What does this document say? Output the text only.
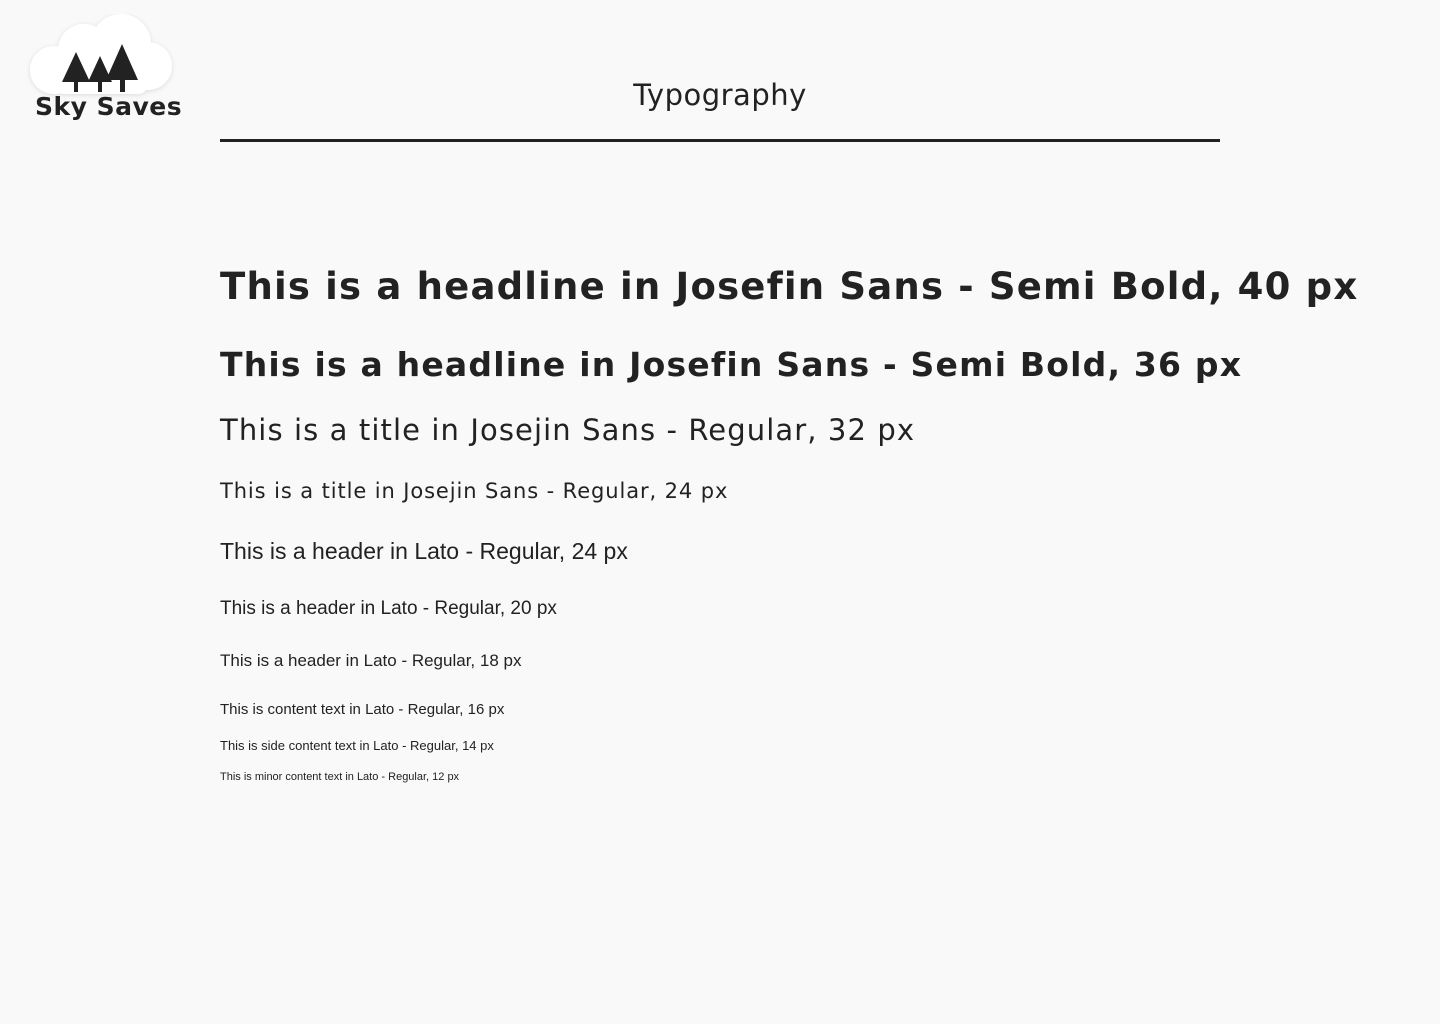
Sky Saves	Typography

This is a headline in Josefin Sans - Semi Bold, 40 px

This is a headline in Josefin Sans - Semi Bold, 36 px

This is a title in Josejin Sans - Regular, 32 px

This is a title in Josejin Sans - Regular, 24 px

This is a header in Lato - Regular, 24 px

This is a header in Lato - Regular, 20 px

This is a header in Lato - Regular, 18 px

This is content text in Lato - Regular, 16 px

This is side content text in Lato - Regular, 14 px

This is minor content text in Lato - Regular, 12 px
